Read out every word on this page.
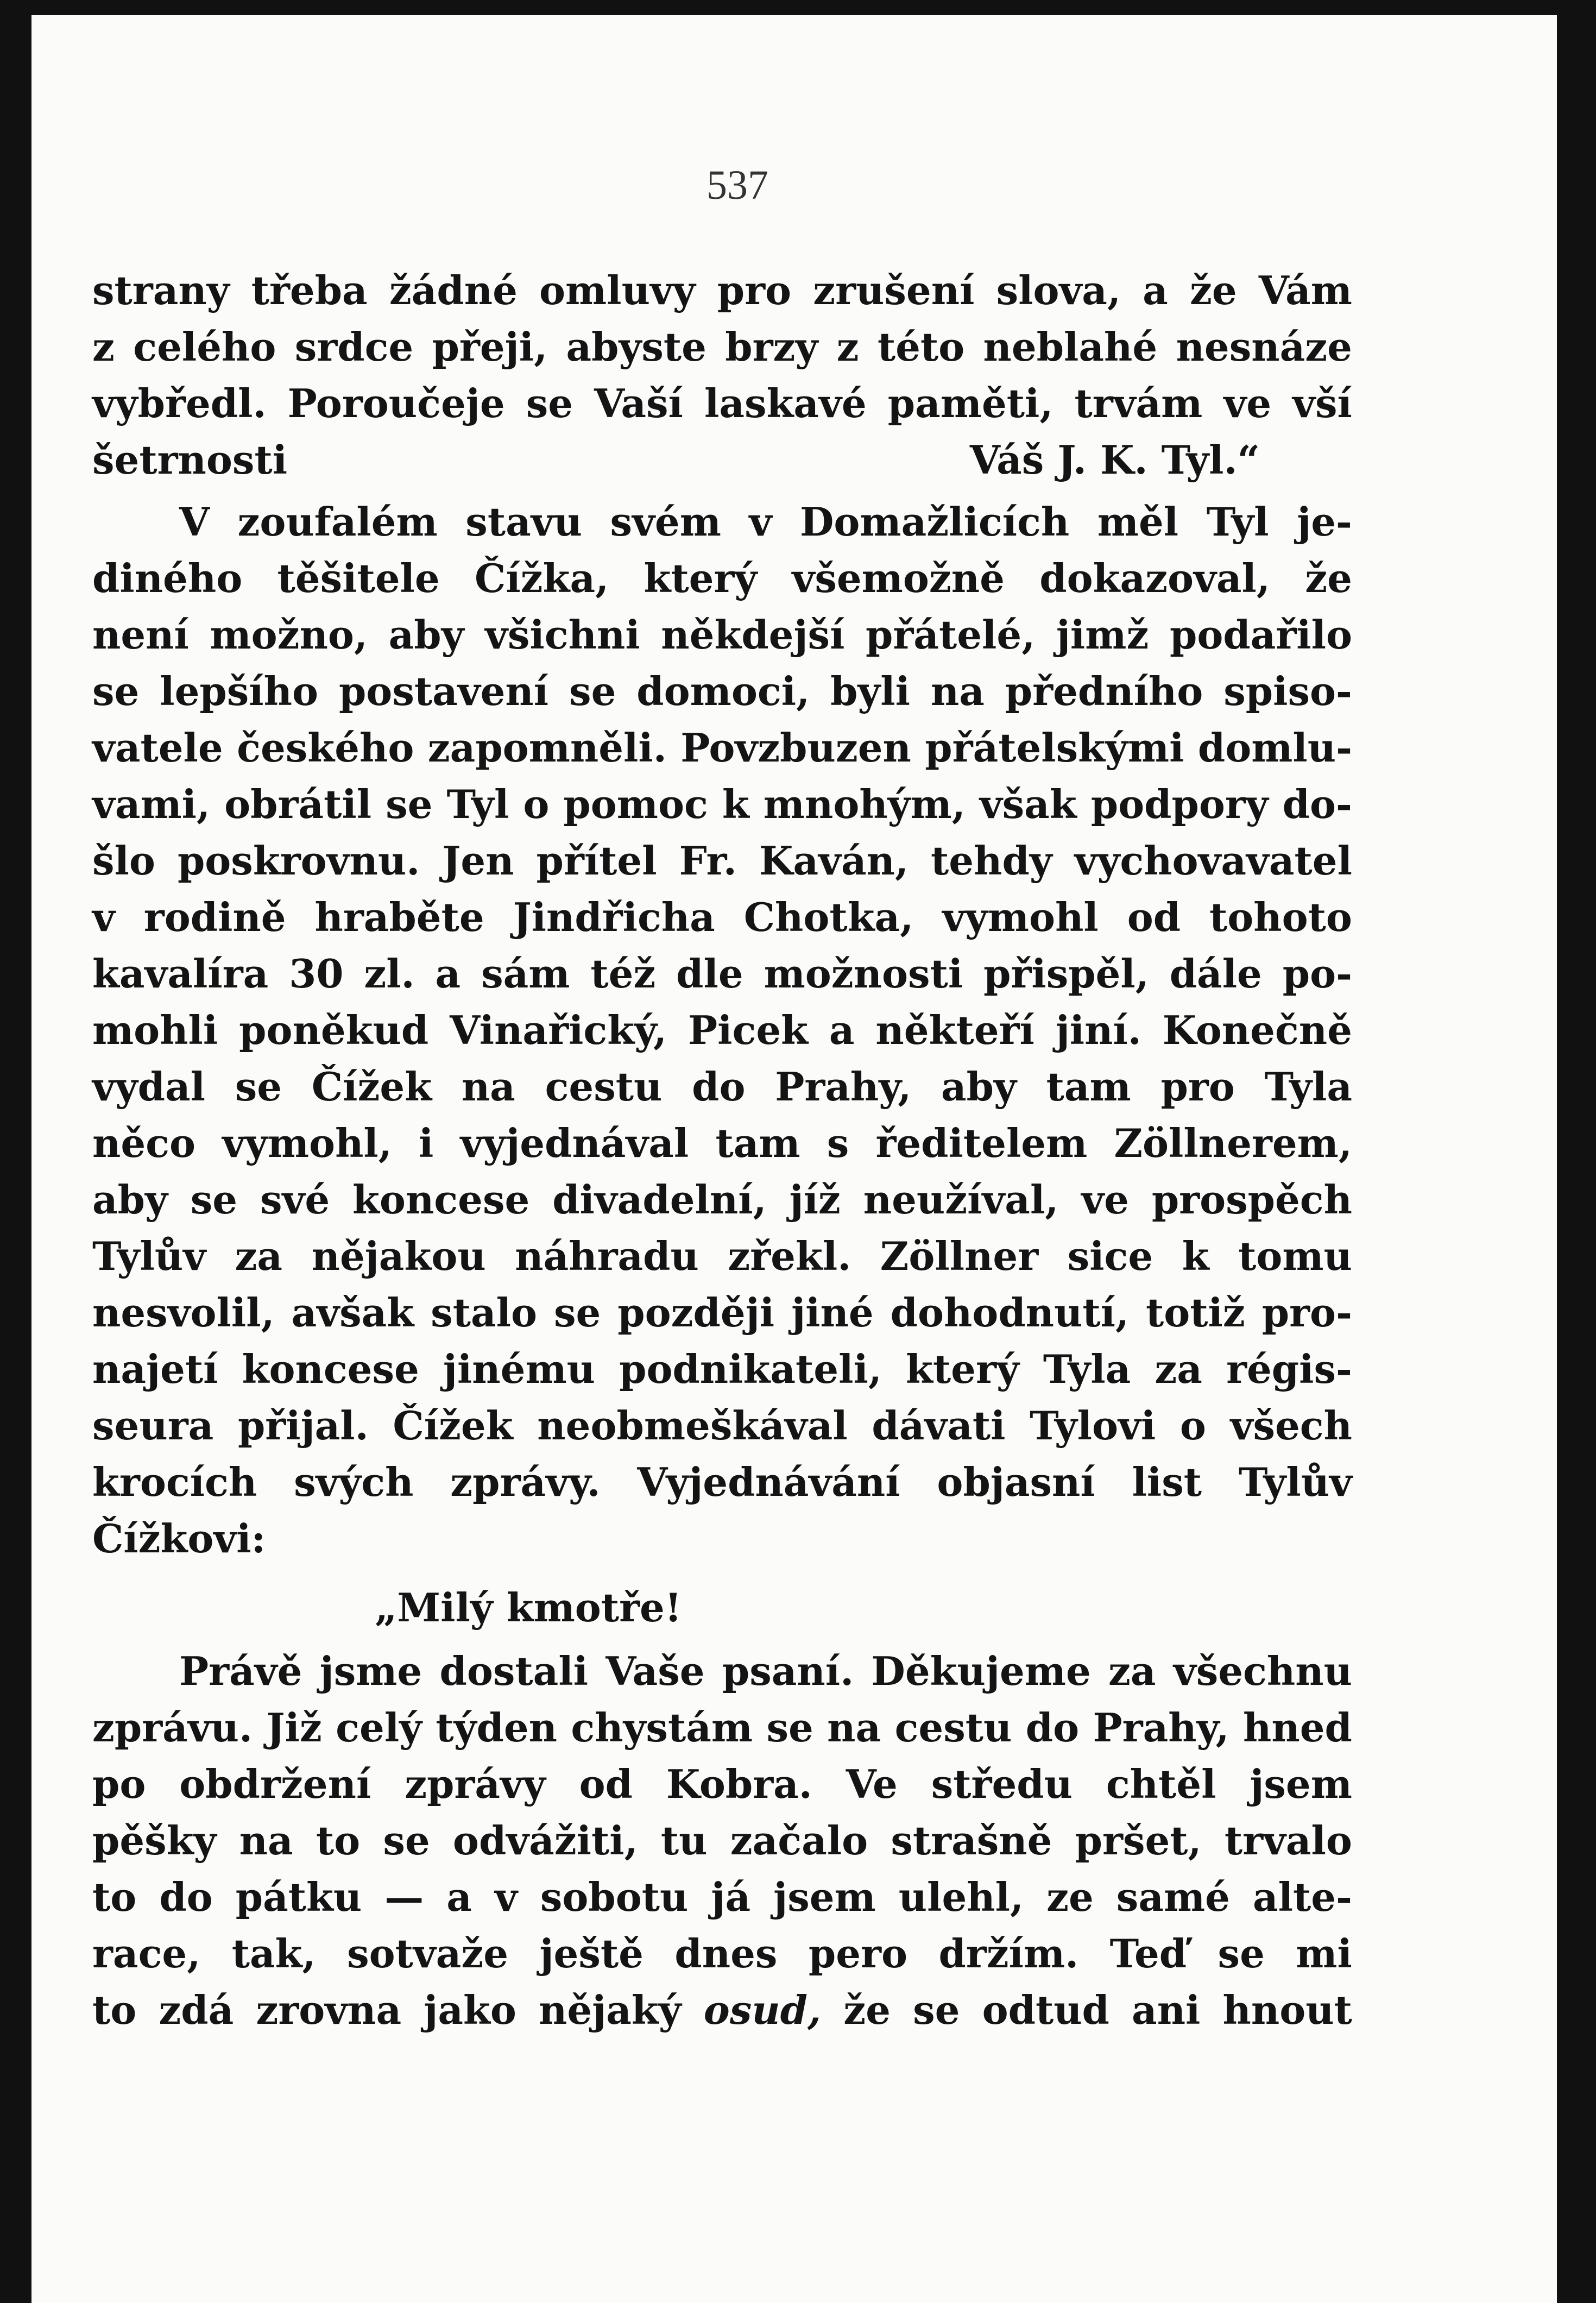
537
strany třeba žádné omluvy pro zrušení slova, a že Vám
z celého srdce přeji, abyste brzy z této neblahé nesnáze
vybředl. Poroučeje se Vaší laskavé paměti, trvám ve vší
šetrnosti	Váš J. K. Tyl.“
V zoufalém stavu svém v Domažlicích měl Tyl je-
diného těšitele Čížka, který všemožně dokazoval, že
není možno, aby všichni někdejší přátelé, jimž podařilo
se lepšího postavení se domoci, byli na předního spiso-
vatele českého zapomněli. Povzbuzen přátelskými domlu-
vami, obrátil se Tyl o pomoc k mnohým, však podpory do-
šlo poskrovnu. Jen přítel Fr. Kaván, tehdy vychovavatel
v rodině hraběte Jindřicha Chotka, vymohl od tohoto
kavalíra 30 zl. a sám též dle možnosti přispěl, dále po-
mohli poněkud Vinařický, Picek a někteří jiní. Konečně
vydal se Čížek na cestu do Prahy, aby tam pro Tyla
něco vymohl, i vyjednával tam s ředitelem Zöllnerem,
aby se své koncese divadelní, jíž neužíval, ve prospěch
Tylův za nějakou náhradu zřekl. Zöllner sice k tomu
nesvolil, avšak stalo se později jiné dohodnutí, totiž pro-
najetí koncese jinému podnikateli, který Tyla za régis-
seura přijal. Čížek neobmeškával dávati Tylovi o všech
krocích svých zprávy. Vyjednávání objasní list Tylův
Čížkovi:
„Milý kmotře!
Právě jsme dostali Vaše psaní. Děkujeme za všechnu
zprávu. Již celý týden chystám se na cestu do Prahy, hned
po obdržení zprávy od Kobra. Ve středu chtěl jsem
pěšky na to se odvážiti, tu začalo strašně pršet, trvalo
to do pátku — a v sobotu já jsem ulehl, ze samé alte-
race, tak, sotvaže ještě dnes pero držím. Teď se mi
to zdá zrovna jako nějaký osud, že se odtud ani hnout
